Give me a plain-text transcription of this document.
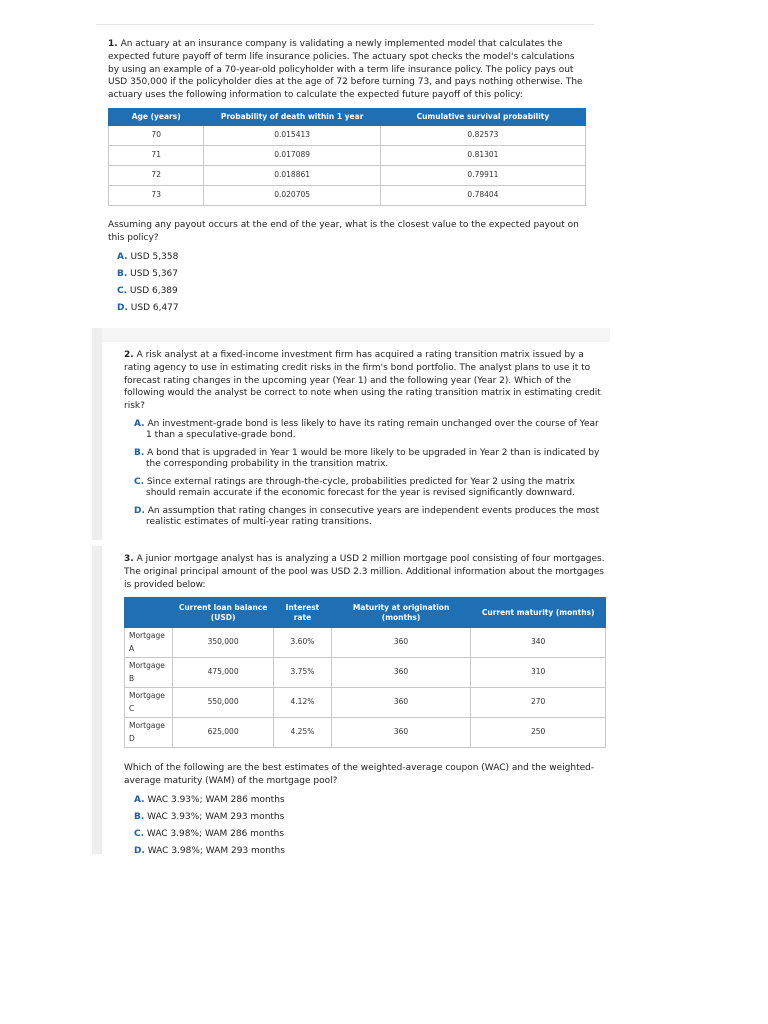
1. An actuary at an insurance company is validating a newly implemented model that calculates the expected future payoff of term life insurance policies. The actuary spot checks the model's calculations by using an example of a 70-year-old policyholder with a term life insurance policy. The policy pays out USD 350,000 if the policyholder dies at the age of 72 before turning 73, and pays nothing otherwise. The actuary uses the following information to calculate the expected future payoff of this policy:

Age (years)	Probability of death within 1 year	Cumulative survival probability
70	0.015413	0.82573
71	0.017089	0.81301
72	0.018861	0.79911
73	0.020705	0.78404

Assuming any payout occurs at the end of the year, what is the closest value to the expected payout on this policy?

A. USD 5,358
B. USD 5,367
C. USD 6,389
D. USD 6,477

2. A risk analyst at a fixed-income investment firm has acquired a rating transition matrix issued by a rating agency to use in estimating credit risks in the firm's bond portfolio. The analyst plans to use it to forecast rating changes in the upcoming year (Year 1) and the following year (Year 2). Which of the following would the analyst be correct to note when using the rating transition matrix in estimating credit risk?

A. An investment-grade bond is less likely to have its rating remain unchanged over the course of Year 1 than a speculative-grade bond.
B. A bond that is upgraded in Year 1 would be more likely to be upgraded in Year 2 than is indicated by the corresponding probability in the transition matrix.
C. Since external ratings are through-the-cycle, probabilities predicted for Year 2 using the matrix should remain accurate if the economic forecast for the year is revised significantly downward.
D. An assumption that rating changes in consecutive years are independent events produces the most realistic estimates of multi-year rating transitions.

3. A junior mortgage analyst has is analyzing a USD 2 million mortgage pool consisting of four mortgages. The original principal amount of the pool was USD 2.3 million. Additional information about the mortgages is provided below:

	Current loan balance (USD)	Interest rate	Maturity at origination (months)	Current maturity (months)
Mortgage A	350,000	3.60%	360	340
Mortgage B	475,000	3.75%	360	310
Mortgage C	550,000	4.12%	360	270
Mortgage D	625,000	4.25%	360	250

Which of the following are the best estimates of the weighted-average coupon (WAC) and the weighted-average maturity (WAM) of the mortgage pool?

A. WAC 3.93%; WAM 286 months
B. WAC 3.93%; WAM 293 months
C. WAC 3.98%; WAM 286 months
D. WAC 3.98%; WAM 293 months
